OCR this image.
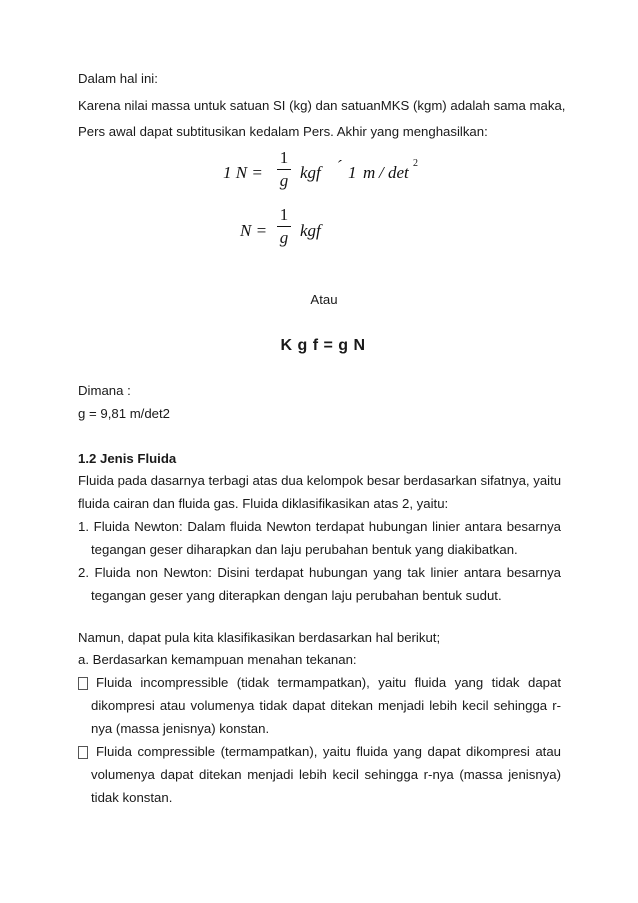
Dalam hal ini:
Karena nilai massa untuk satuan SI (kg) dan satuanMKS (kgm) adalah sama maka,
Pers awal dapat subtitusikan kedalam Pers. Akhir yang menghasilkan:
1 N =
1
g kgf ´ 1 m / det 2
N =
1
g kgf
Atau
K g f = g N
Dimana :
g = 9,81 m/det2
1.2 Jenis Fluida
Fluida pada dasarnya terbagi atas dua kelompok besar berdasarkan sifatnya, yaitu
fluida cairan dan fluida gas. Fluida diklasifikasikan atas 2, yaitu:
1. Fluida Newton: Dalam fluida Newton terdapat hubungan linier antara besarnya
tegangan geser diharapkan dan laju perubahan bentuk yang diakibatkan.
2. Fluida non Newton: Disini terdapat hubungan yang tak linier antara besarnya
tegangan geser yang diterapkan dengan laju perubahan bentuk sudut.
Namun, dapat pula kita klasifikasikan berdasarkan hal berikut;
a. Berdasarkan kemampuan menahan tekanan:
Fluida incompressible (tidak termampatkan), yaitu fluida yang tidak dapat
dikompresi atau volumenya tidak dapat ditekan menjadi lebih kecil sehingga r-
nya (massa jenisnya) konstan.
Fluida compressible (termampatkan), yaitu fluida yang dapat dikompresi atau
volumenya dapat ditekan menjadi lebih kecil sehingga r-nya (massa jenisnya)
tidak konstan.
